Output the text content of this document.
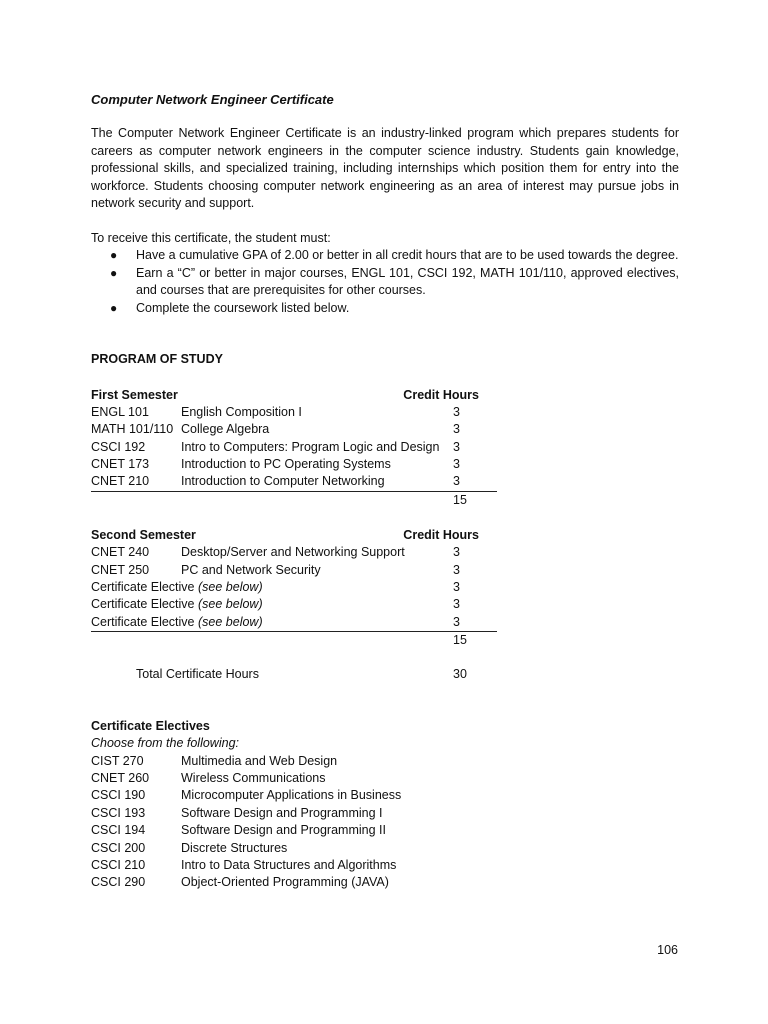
Computer Network Engineer Certificate

The Computer Network Engineer Certificate is an industry-linked program which prepares students for careers as computer network engineers in the computer science industry. Students gain knowledge, professional skills, and specialized training, including internships which position them for entry into the workforce. Students choosing computer network engineering as an area of interest may pursue jobs in network security and support.

To receive this certificate, the student must:

● Have a cumulative GPA of 2.00 or better in all credit hours that are to be used towards the degree.
● Earn a “C” or better in major courses, ENGL 101, CSCI 192, MATH 101/110, approved electives, and courses that are prerequisites for other courses.
● Complete the coursework listed below.
PROGRAM OF STUDY
First Semester	Credit Hours
ENGL 101	English Composition I	3
MATH 101/110 College Algebra	3
CSCI 192	Intro to Computers: Program Logic and Design	3
CNET 173	Introduction to PC Operating Systems	3
CNET 210	Introduction to Computer Networking	3
15
Second Semester	Credit Hours
CNET 240	Desktop/Server and Networking Support	3
CNET 250	PC and Network Security	3
Certificate Elective (see below)	3
Certificate Elective (see below)	3
Certificate Elective (see below)	3
15
Total Certificate Hours	30
Certificate Electives
Choose from the following:
CIST 270	Multimedia and Web Design
CNET 260	Wireless Communications
CSCI 190	Microcomputer Applications in Business
CSCI 193	Software Design and Programming I
CSCI 194	Software Design and Programming II
CSCI 200	Discrete Structures
CSCI 210	Intro to Data Structures and Algorithms
CSCI 290	Object-Oriented Programming (JAVA)
106
